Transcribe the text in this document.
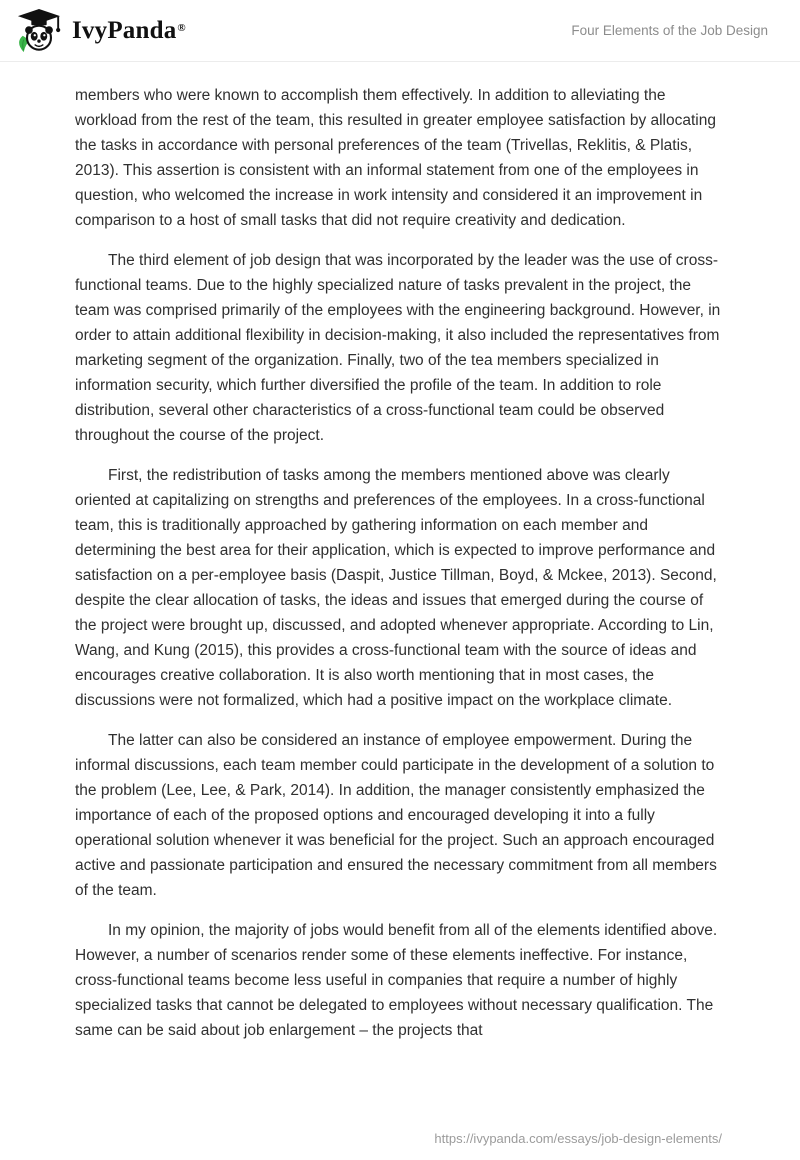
IvyPanda®	Four Elements of the Job Design

members who were known to accomplish them effectively. In addition to alleviating the workload from the rest of the team, this resulted in greater employee satisfaction by allocating the tasks in accordance with personal preferences of the team (Trivellas, Reklitis, & Platis, 2013). This assertion is consistent with an informal statement from one of the employees in question, who welcomed the increase in work intensity and considered it an improvement in comparison to a host of small tasks that did not require creativity and dedication.

The third element of job design that was incorporated by the leader was the use of cross-functional teams. Due to the highly specialized nature of tasks prevalent in the project, the team was comprised primarily of the employees with the engineering background. However, in order to attain additional flexibility in decision-making, it also included the representatives from marketing segment of the organization. Finally, two of the tea members specialized in information security, which further diversified the profile of the team. In addition to role distribution, several other characteristics of a cross-functional team could be observed throughout the course of the project.

First, the redistribution of tasks among the members mentioned above was clearly oriented at capitalizing on strengths and preferences of the employees. In a cross-functional team, this is traditionally approached by gathering information on each member and determining the best area for their application, which is expected to improve performance and satisfaction on a per-employee basis (Daspit, Justice Tillman, Boyd, & Mckee, 2013). Second, despite the clear allocation of tasks, the ideas and issues that emerged during the course of the project were brought up, discussed, and adopted whenever appropriate. According to Lin, Wang, and Kung (2015), this provides a cross-functional team with the source of ideas and encourages creative collaboration. It is also worth mentioning that in most cases, the discussions were not formalized, which had a positive impact on the workplace climate.

The latter can also be considered an instance of employee empowerment. During the informal discussions, each team member could participate in the development of a solution to the problem (Lee, Lee, & Park, 2014). In addition, the manager consistently emphasized the importance of each of the proposed options and encouraged developing it into a fully operational solution whenever it was beneficial for the project. Such an approach encouraged active and passionate participation and ensured the necessary commitment from all members of the team.

In my opinion, the majority of jobs would benefit from all of the elements identified above. However, a number of scenarios render some of these elements ineffective. For instance, cross-functional teams become less useful in companies that require a number of highly specialized tasks that cannot be delegated to employees without necessary qualification. The same can be said about job enlargement – the projects that

https://ivypanda.com/essays/job-design-elements/
